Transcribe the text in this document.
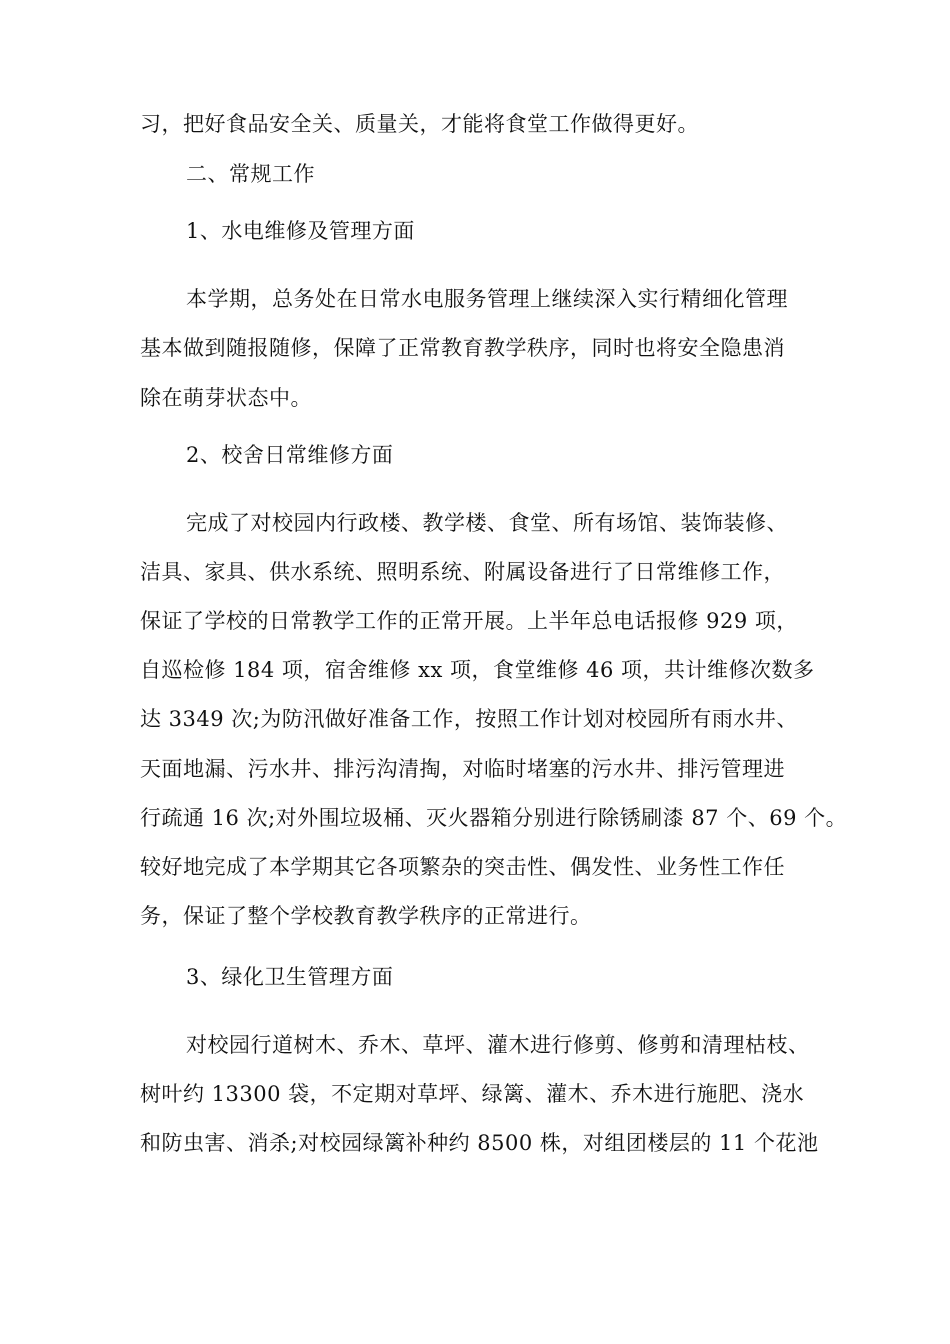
习，把好食品安全关、质量关，才能将食堂工作做得更好。
二、常规工作
1、水电维修及管理方面
本学期，总务处在日常水电服务管理上继续深入实行精细化管理
基本做到随报随修，保障了正常教育教学秩序，同时也将安全隐患消
除在萌芽状态中。
2、校舍日常维修方面
完成了对校园内行政楼、教学楼、食堂、所有场馆、装饰装修、
洁具、家具、供水系统、照明系统、附属设备进行了日常维修工作，
保证了学校的日常教学工作的正常开展。上半年总电话报修 929 项，
自巡检修 184 项，宿舍维修 xx 项，食堂维修 46 项，共计维修次数多
达 3349 次;为防汛做好准备工作，按照工作计划对校园所有雨水井、
天面地漏、污水井、排污沟清掏，对临时堵塞的污水井、排污管理进
行疏通 16 次;对外围垃圾桶、灭火器箱分别进行除锈刷漆 87 个、69 个。
较好地完成了本学期其它各项繁杂的突击性、偶发性、业务性工作任
务，保证了整个学校教育教学秩序的正常进行。
3、绿化卫生管理方面
对校园行道树木、乔木、草坪、灌木进行修剪、修剪和清理枯枝、
树叶约 13300 袋，不定期对草坪、绿篱、灌木、乔木进行施肥、浇水
和防虫害、消杀;对校园绿篱补种约 8500 株，对组团楼层的 11 个花池
